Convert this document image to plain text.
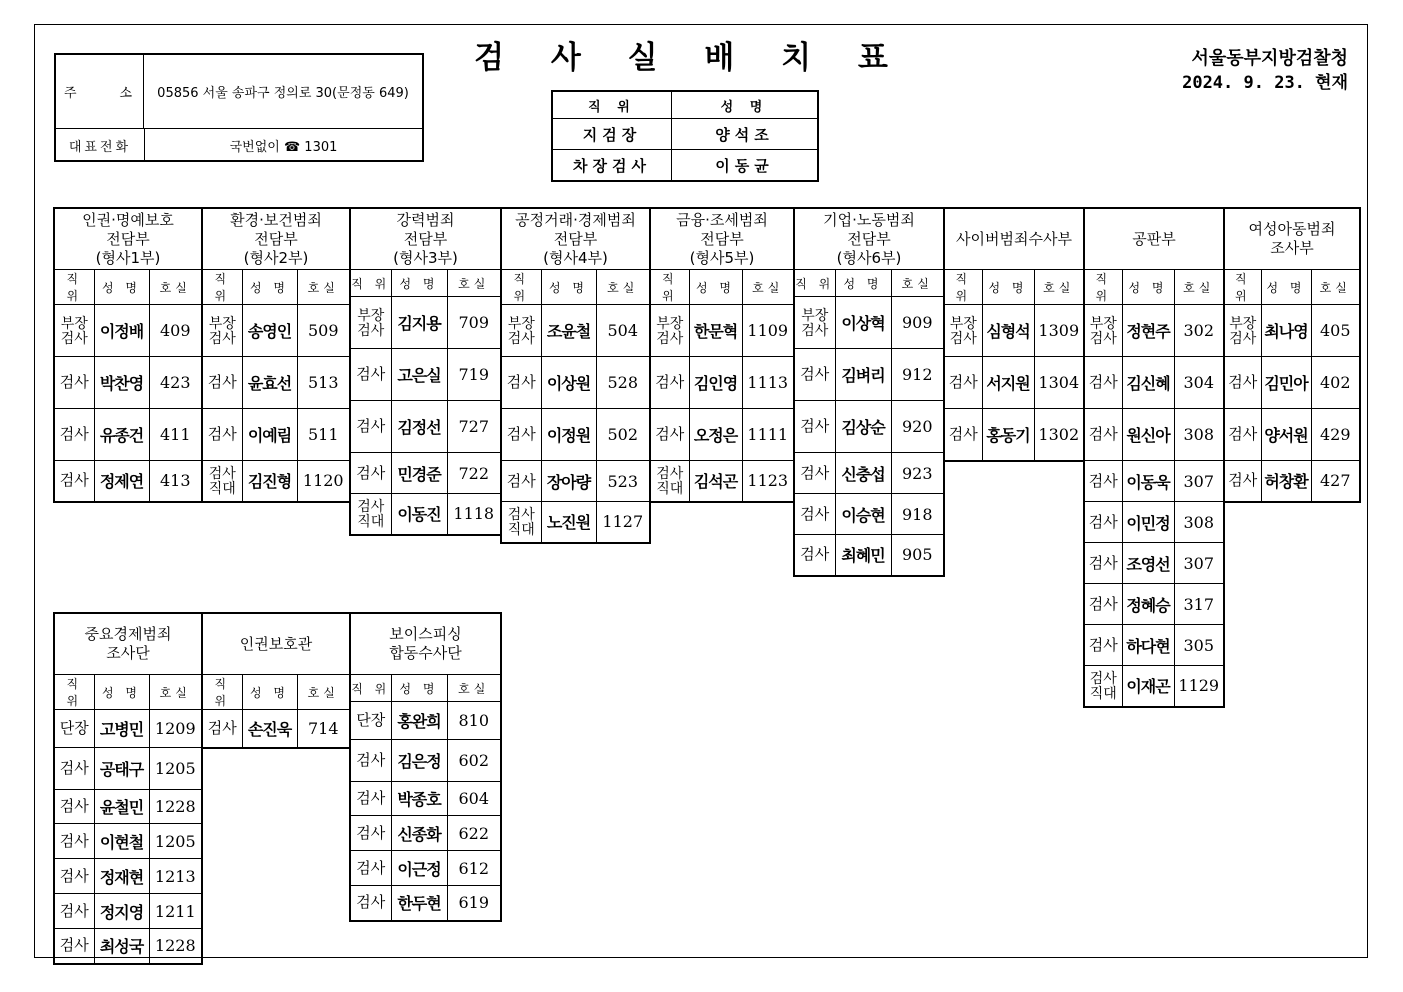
검 사 실 배 치 표	서울동부지방검찰청
2024. 9. 23. 현재
주	소	05856 서울 송파구 정의로 30(문정동 649)
대표전화	국번없이 ☎ 1301
직 위	성 명
지검장	양석조
차장검사	이동균
인권·명예보호
전담부
(형사1부)		

직 위	성 명	호실
부장검사	이정배	409

검사	박찬영	423

검사	유종건	411

검사	정제연	413
환경·보건범죄
전담부
(형사2부)		

직 위	성 명	호실
부장검사	송영인	509

검사	윤효선	513

검사	이예림	511
검사직대	김진형	1120
강력범죄
전담부
(형사3부)		

직 위	성 명	호실
부장검사	김지용	709

검사	고은실	719

검사	김정선	727

검사	민경준	722
검사직대	이동진	1118
공정거래·경제범죄
전담부
(형사4부)		

직 위	성 명	호실
부장검사	조윤철	504

검사	이상원	528

검사	이정원	502

검사	장아량	523
검사직대	노진원	1127
금융·조세범죄
전담부
(형사5부)		

직 위	성 명	호실
부장검사	한문혁	1109

검사	김인영	1113

검사	오정은	1111
검사직대	김석곤	1123
기업·노동범죄
전담부
(형사6부)		

직 위	성 명	호실
부장검사	이상혁	909

검사	김벼리	912

검사	김상순	920

검사	신충섭	923

검사	이승현	918

검사	최혜민	905
사이버범죄수사부		

직 위	성 명	호실
부장검사	심형석	1309

검사	서지원	1304

검사	홍동기	1302
공판부		

직 위	성 명	호실
부장검사	정현주	302

검사	김신혜	304

검사	원신아	308

검사	이동욱	307

검사	이민정	308

검사	조영선	307

검사	정혜승	317

검사	하다현	305
검사직대	이재곤	1129
여성아동범죄
조사부		

직 위	성 명	호실
부장검사	최나영	405

검사	김민아	402

검사	양서원	429

검사	허창환	427
중요경제범죄
조사단		

직 위	성 명	호실

단장	고병민	1209

검사	공태구	1205

검사	윤철민	1228

검사	이현철	1205

검사	정재현	1213

검사	정지영	1211

검사	최성국	1228
인권보호관		

직 위	성 명	호실

검사	손진욱	714
보이스피싱
합동수사단		

직 위	성 명	호실

단장	홍완희	810

검사	김은정	602

검사	박종호	604

검사	신종화	622

검사	이근정	612

검사	한두현	619
